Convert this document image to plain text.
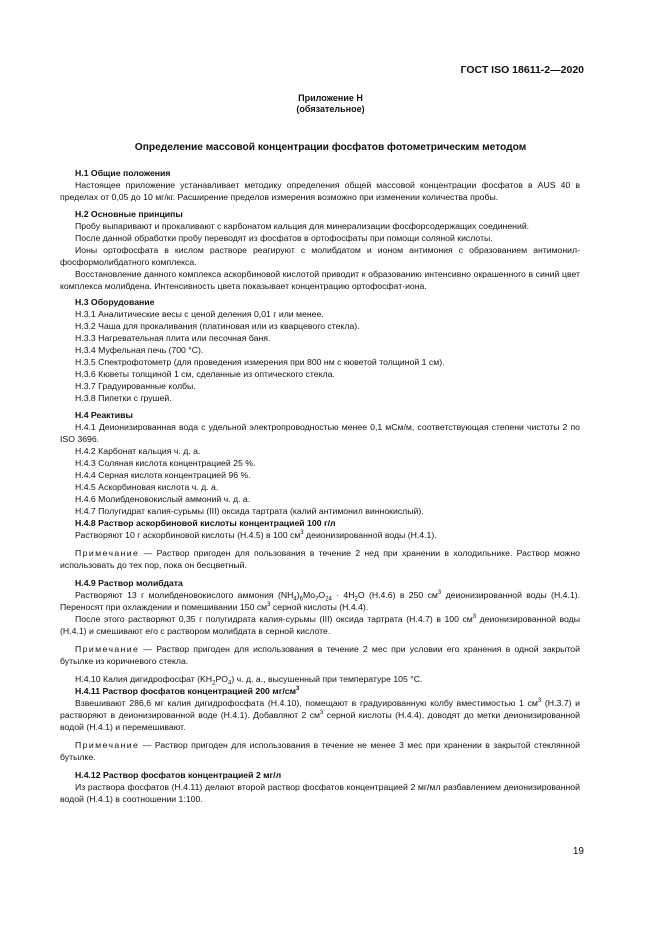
ГОСТ ISO 18611-2—2020
Приложение Н
(обязательное)
Определение массовой концентрации фосфатов фотометрическим методом

Н.1 Общие положения

Настоящее приложение устанавливает методику определения общей массовой концентрации фосфатов в AUS 40 в пределах от 0,05 до 10 мг/кг. Расширение пределов измерения возможно при изменении количества пробы.

Н.2 Основные принципы

Пробу выпаривают и прокаливают с карбонатом кальция для минерализации фосфорсодержащих соединений.

После данной обработки пробу переводят из фосфатов в ортофосфаты при помощи соляной кислоты.

Ионы ортофосфата в кислом растворе реагируют с молибдатом и ионом антимония с образованием антимонил-фосформолибдатного комплекса.

Восстановление данного комплекса аскорбиновой кислотой приводит к образованию интенсивно окрашенного в синий цвет комплекса молибдена. Интенсивность цвета показывает концентрацию ортофосфат-иона.

Н.3 Оборудование

Н.3.1 Аналитические весы с ценой деления 0,01 г или менее.

Н.3.2 Чаша для прокаливания (платиновая или из кварцевого стекла).

Н.3.3 Нагревательная плита или песочная баня.

Н.3.4 Муфельная печь (700 °С).

Н.3.5 Спектрофотометр (для проведения измерения при 800 нм с кюветой толщиной 1 см).

Н.3.6 Кюветы толщиной 1 см, сделанные из оптического стекла.

Н.3.7 Градуированные колбы.

Н.3.8 Пипетки с грушей.

Н.4 Реактивы

Н.4.1 Деионизированная вода с удельной электропроводностью менее 0,1 мСм/м, соответствующая степени чистоты 2 по ISO 3696.

Н.4.2 Карбонат кальция ч. д. а.

Н.4.3 Соляная кислота концентрацией 25 %.

Н.4.4 Серная кислота концентрацией 96 %.

Н.4.5 Аскорбиновая кислота ч. д. а.

Н.4.6 Молибденовокислый аммоний ч. д. а.

Н.4.7 Полугидрат калия-сурьмы (III) оксида тартрата (калий антимонил виннокислый).

Н.4.8 Раствор аскорбиновой кислоты концентрацией 100 г/л

Растворяют 10 г аскорбиновой кислоты (Н.4.5) в 100 $см^3$ деионизированной воды (Н.4.1).

Примечание — Раствор пригоден для пользования в течение 2 нед при хранении в холодильнике. Раствор можно использовать до тех пор, пока он бесцветный.

Н.4.9 Раствор молибдата

Растворяют 13 г молибденовокислого аммония $(NH_4)_6Mo_7O_{24} \cdot 4H_2O$ (Н.4.6) в 250 $см^3$ деионизированной воды (Н.4.1). Переносят при охлаждении и помешивании 150 $см^3$ серной кислоты (Н.4.4).

После этого растворяют 0,35 г полугидрата калия-сурьмы (III) оксида тартрата (Н.4.7) в 100 $см^3$ деионизированной воды (Н.4.1) и смешивают его с раствором молибдата в серной кислоте.

Примечание — Раствор пригоден для использования в течение 2 мес при условии его хранения в одной закрытой бутылке из коричневого стекла.

Н.4.10 Калия дигидрофосфат $(KH_2PO_4)$ ч. д. а., высушенный при температуре 105 °С.

Н.4.11 Раствор фосфатов концентрацией 200 $мг/см^3$

Взвешивают 286,6 мг калия дигидрофосфата (Н.4.10), помещают в градуированную колбу вместимостью 1 $см^3$ (Н.3.7) и растворяют в деионизированной воде (Н.4.1). Добавляют 2 $см^3$ серной кислоты (Н.4.4), доводят до метки деионизированной водой (Н.4.1) и перемешивают.

Примечание — Раствор пригоден для использования в течение не менее 3 мес при хранении в закрытой стеклянной бутылке.

Н.4.12 Раствор фосфатов концентрацией 2 мг/л

Из раствора фосфатов (Н.4.11) делают второй раствор фосфатов концентрацией 2 мг/мл разбавлением деионизированной водой (Н.4.1) в соотношении 1:100.

19
